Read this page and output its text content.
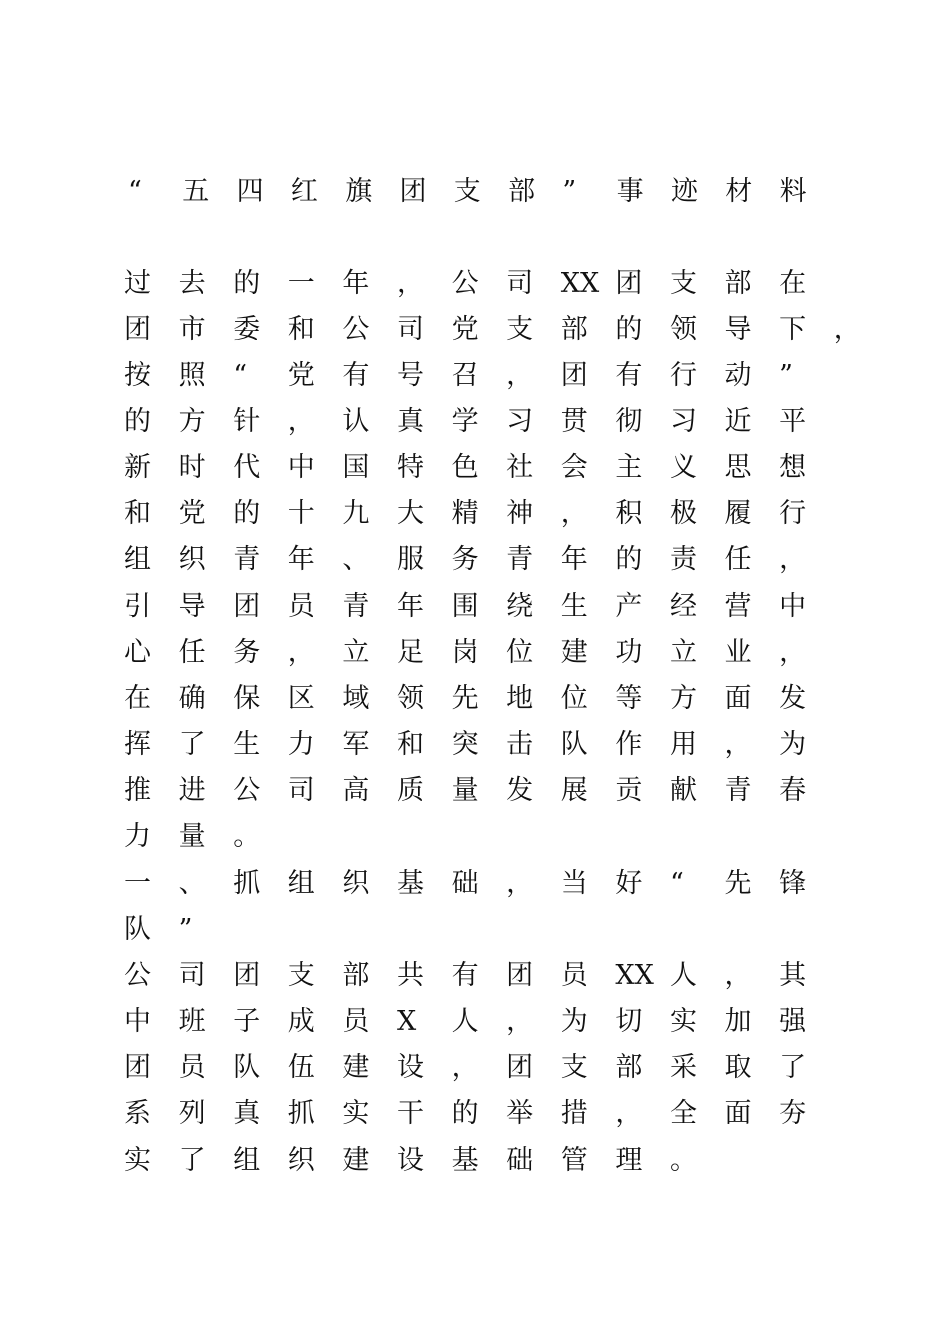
“	五	四	红	旗	团	支	部	”	事	迹	材	料
过	去	的	一	年	，	公	司	XX 团	支	部	在
团	市	委	和	公	司	党	支	部	的	领	导	下	，
按	照	“	党	有	号	召	，	团	有	行	动	”
的	方	针	，	认	真	学	习	贯	彻	习	近	平
新	时	代	中	国	特	色	社	会	主	义	思	想
和	党	的	十	九	大	精	神	，	积	极	履	行
组	织	青	年	、	服	务	青	年	的	责	任	，
引	导	团	员	青	年	围	绕	生	产	经	营	中
心	任	务	，	立	足	岗	位	建	功	立	业	，
在	确	保	区	域	领	先	地	位	等	方	面	发
挥	了	生	力	军	和	突	击	队	作	用	，	为
推	进	公	司	高	质	量	发	展	贡	献	青	春
力	量	。
一	、	抓	组	织	基	础	，	当	好	“	先	锋
队	”
公	司	团	支	部	共	有	团	员	XX 人	，	其
中	班	子	成	员	X	人	，	为	切	实	加	强
团	员	队	伍	建	设	，	团	支	部	采	取	了
系	列	真	抓	实	干	的	举	措	，	全	面	夯
实	了	组	织	建	设	基	础	管	理	。
